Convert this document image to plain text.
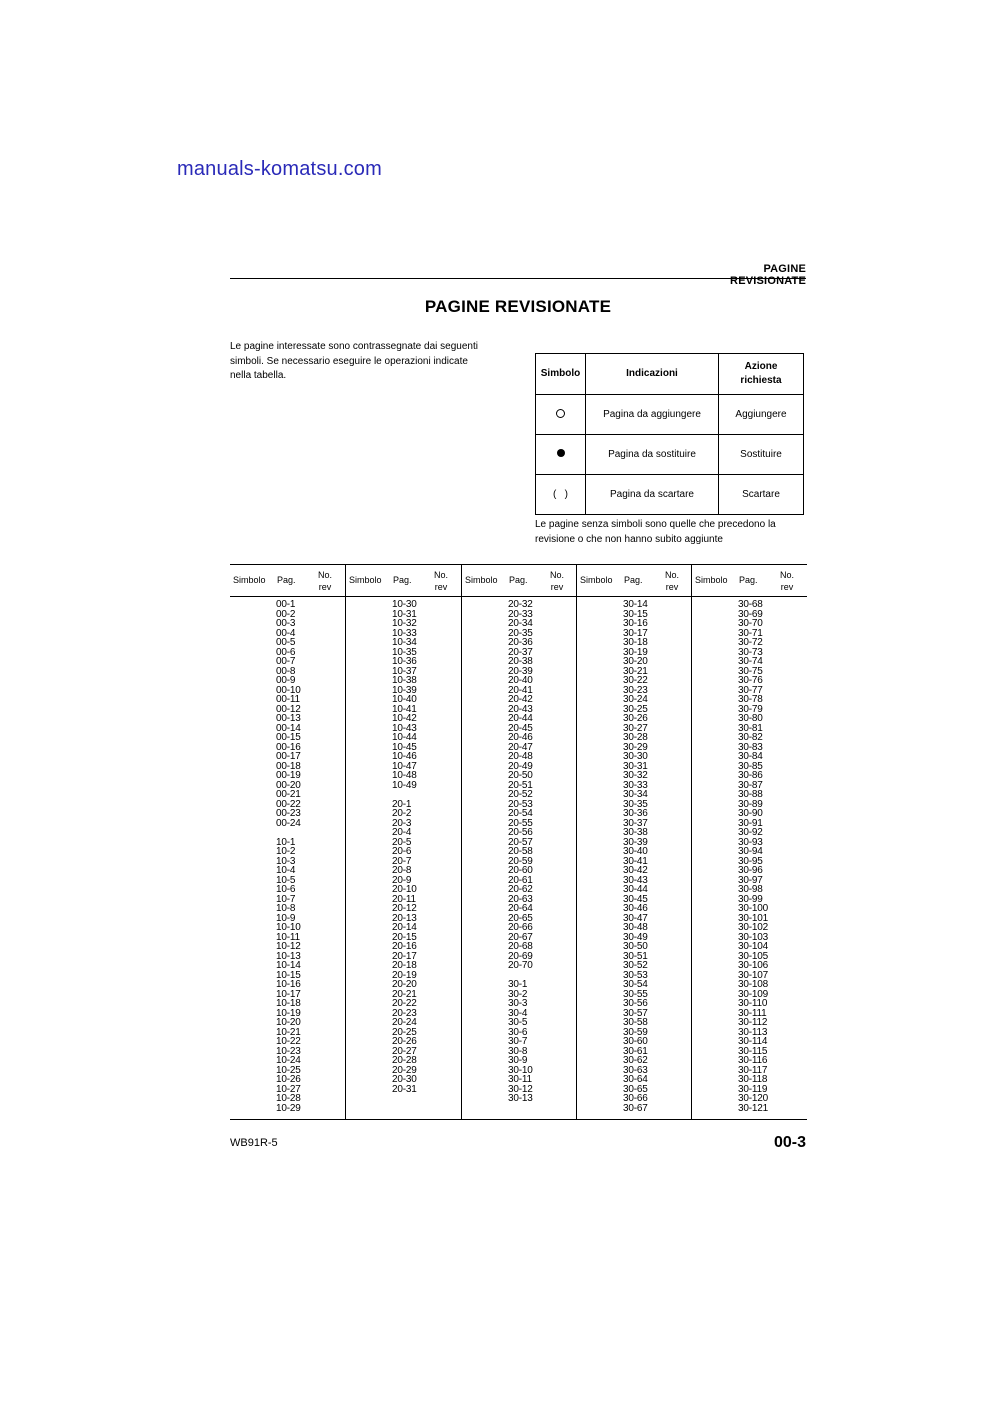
manuals-komatsu.com
PAGINE REVISIONATE
PAGINE REVISIONATE
Le pagine interessate sono contrassegnate dai seguenti
simboli. Se necessario eseguire le operazioni indicate
nella tabella.	Simbolo	Indicazioni	Azione
richiesta

	Pagina da aggiungere	Aggiungere
	Pagina da sostituire	Sostituire
(   )	Pagina da scartare	Scartare
Le pagine senza simboli sono quelle che precedono la
revisione o che non hanno subito aggiunte
Simbolo Pag. No.
rev
00-1
00-2
00-3
00-4
00-5
00-6
00-7
00-8
00-9
00-10
00-11
00-12
00-13
00-14
00-15
00-16
00-17
00-18
00-19
00-20
00-21
00-22
00-23
00-24
10-1
10-2
10-3
10-4
10-5
10-6
10-7
10-8
10-9
10-10
10-11
10-12
10-13
10-14
10-15
10-16
10-17
10-18
10-19
10-20
10-21
10-22
10-23
10-24
10-25
10-26
10-27
10-28
10-29
Simbolo Pag. No.
rev
10-30
10-31
10-32
10-33
10-34
10-35
10-36
10-37
10-38
10-39
10-40
10-41
10-42
10-43
10-44
10-45
10-46
10-47
10-48
10-49
20-1
20-2
20-3
20-4
20-5
20-6
20-7
20-8
20-9
20-10
20-11
20-12
20-13
20-14
20-15
20-16
20-17
20-18
20-19
20-20
20-21
20-22
20-23
20-24
20-25
20-26
20-27
20-28
20-29
20-30
20-31
Simbolo Pag. No.
rev
20-32
20-33
20-34
20-35
20-36
20-37
20-38
20-39
20-40
20-41
20-42
20-43
20-44
20-45
20-46
20-47
20-48
20-49
20-50
20-51
20-52
20-53
20-54
20-55
20-56
20-57
20-58
20-59
20-60
20-61
20-62
20-63
20-64
20-65
20-66
20-67
20-68
20-69
20-70
30-1
30-2
30-3
30-4
30-5
30-6
30-7
30-8
30-9
30-10
30-11
30-12
30-13
Simbolo Pag. No.
rev
30-14
30-15
30-16
30-17
30-18
30-19
30-20
30-21
30-22
30-23
30-24
30-25
30-26
30-27
30-28
30-29
30-30
30-31
30-32
30-33
30-34
30-35
30-36
30-37
30-38
30-39
30-40
30-41
30-42
30-43
30-44
30-45
30-46
30-47
30-48
30-49
30-50
30-51
30-52
30-53
30-54
30-55
30-56
30-57
30-58
30-59
30-60
30-61
30-62
30-63
30-64
30-65
30-66
30-67
Simbolo Pag. No.
rev
30-68
30-69
30-70
30-71
30-72
30-73
30-74
30-75
30-76
30-77
30-78
30-79
30-80
30-81
30-82
30-83
30-84
30-85
30-86
30-87
30-88
30-89
30-90
30-91
30-92
30-93
30-94
30-95
30-96
30-97
30-98
30-99
30-100
30-101
30-102
30-103
30-104
30-105
30-106
30-107
30-108
30-109
30-110
30-111
30-112
30-113
30-114
30-115
30-116
30-117
30-118
30-119
30-120
30-121
WB91R-5	00-3
